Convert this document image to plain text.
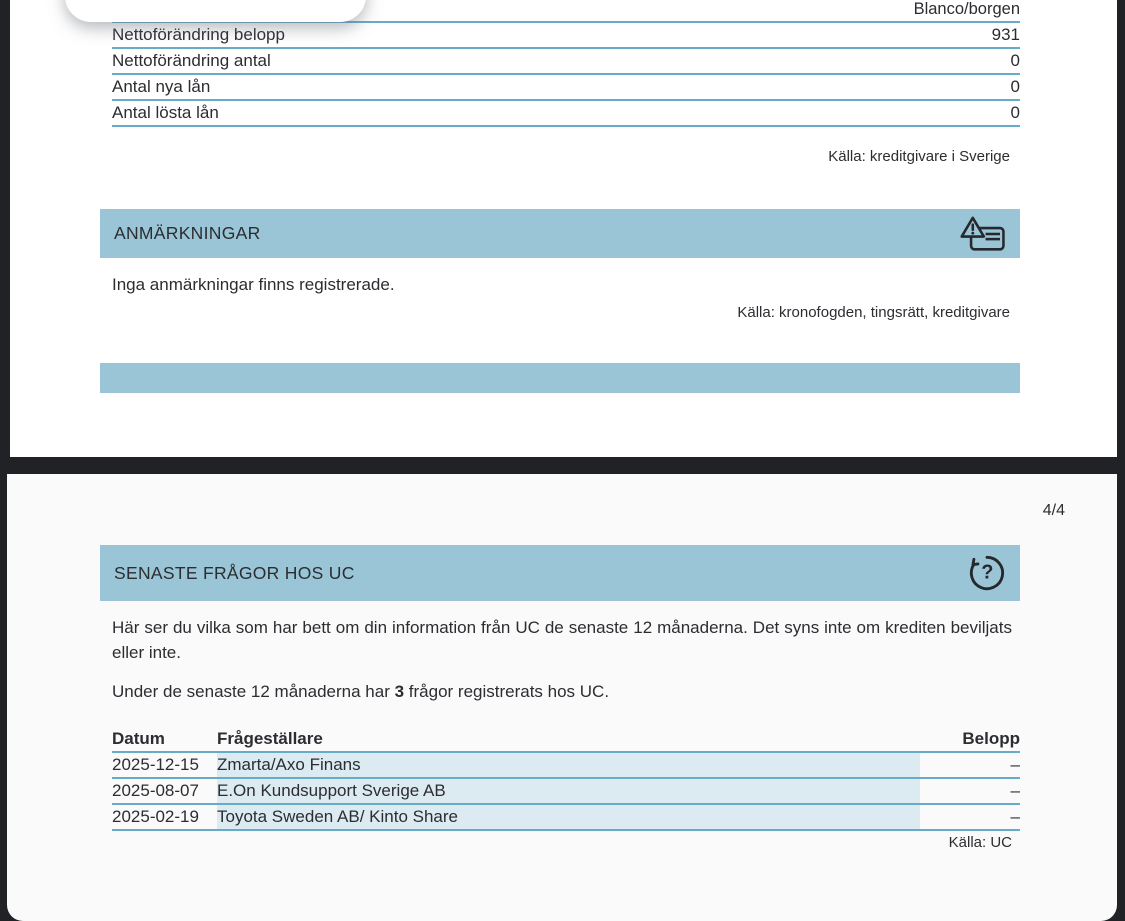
Blanco/borgen
Nettoförändring belopp	931
Nettoförändring antal	0
Antal nya lån	0
Antal lösta lån	0
Källa: kreditgivare i Sverige
ANMÄRKNINGAR
Inga anmärkningar finns registrerade.
Källa: kronofogden, tingsrätt, kreditgivare
4/4
SENASTE FRÅGOR HOS UC	?

Här ser du vilka som har bett om din information från UC de senaste 12 månaderna. Det syns inte om krediten beviljats eller inte.

Under de senaste 12 månaderna har 3 frågor registrerats hos UC.

Datum	Frågeställare	Belopp
2025-12-15	Zmarta/Axo Finans	–
2025-08-07	E.On Kundsupport Sverige AB	–
2025-02-19	Toyota Sweden AB/ Kinto Share	–
Källa: UC
